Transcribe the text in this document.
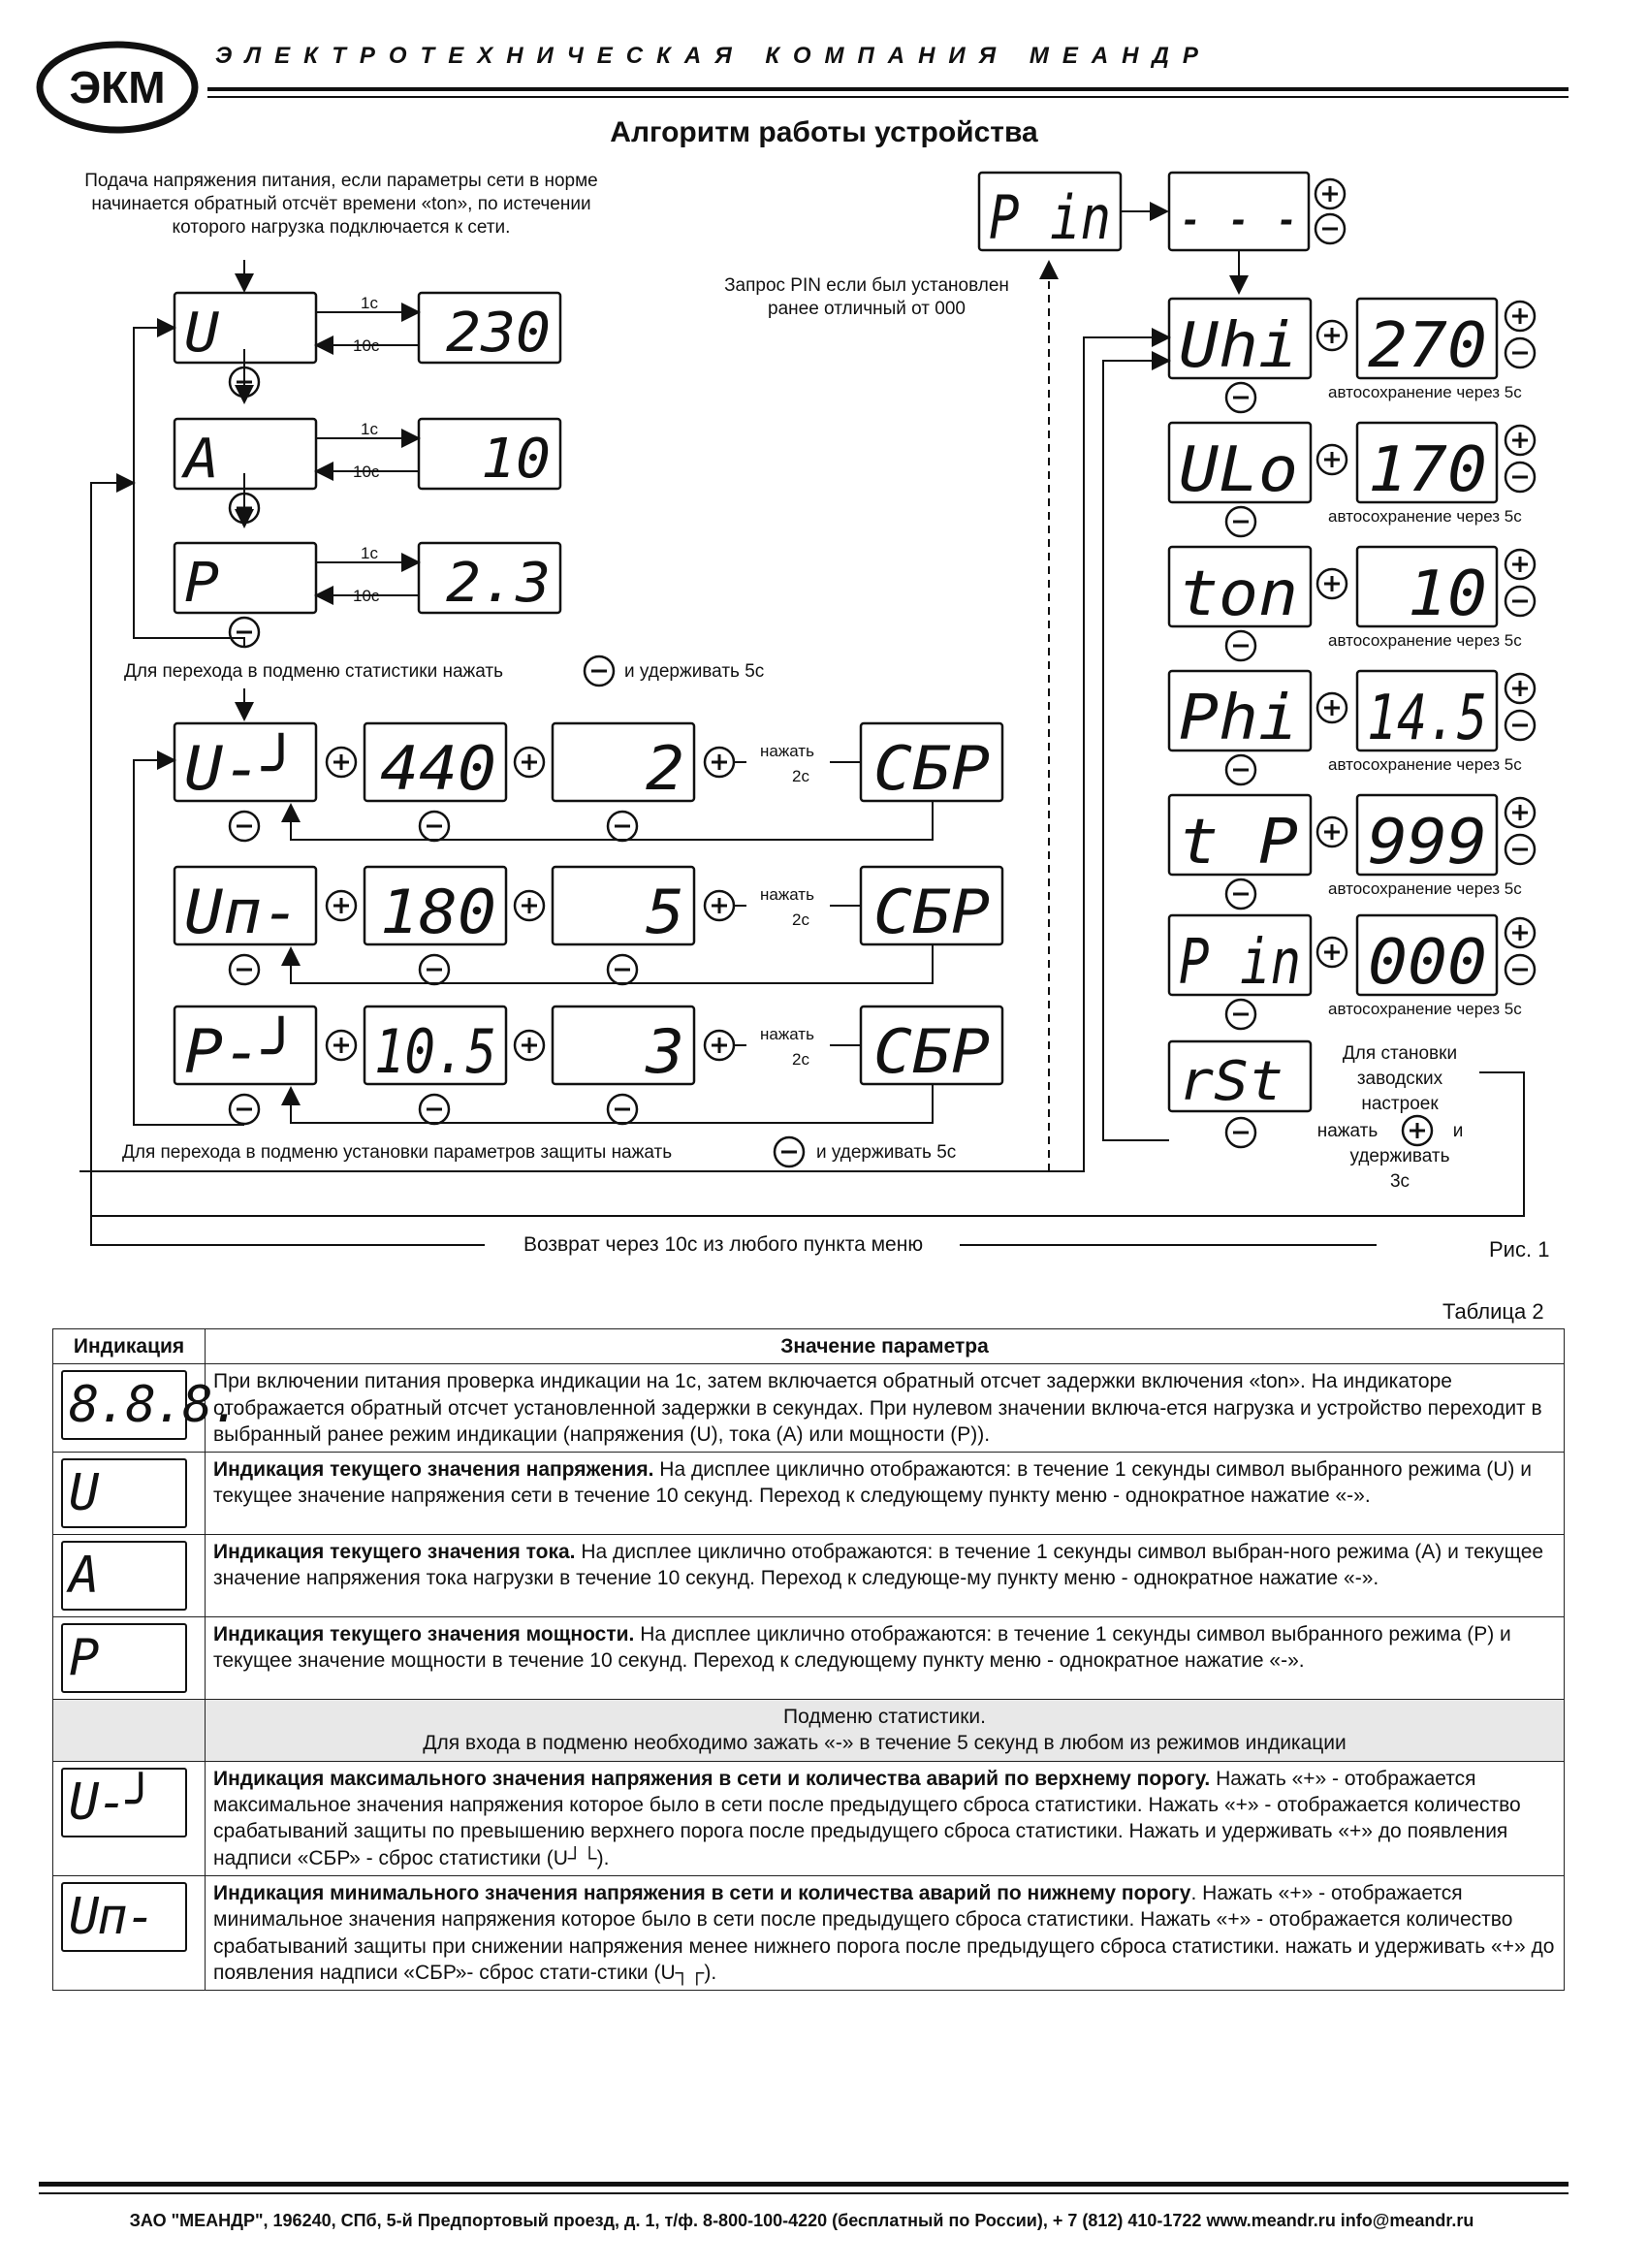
ЭКМ
ЭЛЕКТРОТЕХНИЧЕСКАЯ КОМПАНИЯ МЕАНДР
Алгоритм работы устройства
Подача напряжения питания, если параметры сети в норме
начинается обратный отсчёт времени «ton», по истечении
которого нагрузка подключается к сети.
U	230
1с
10с
A	10
1с
10с
P	2.3
1с
10с
Для перехода в подменю статистики нажать	и удерживать 5с
U-╯ 440 2	нажать
2с СБР
Uп- 180 5	нажать
2с СБР
P-╯ 10.5 3	нажать
2с СБР
Для перехода в подменю установки параметров защиты нажать	и удерживать 5с
P in - - -
Запрос PIN если был установлен
ранее отличный от 000
Uhi 270
автосохранение через 5с
ULo 170
автосохранение через 5с
ton 10
автосохранение через 5с
Phi 14.5
автосохранение через 5с
t P 999
автосохранение через 5с
P in 000
автосохранение через 5с
rSt	Для становки
заводских
настроек
нажать	и
удерживать
3с
Возврат через 10с из любого пункта меню	Рис. 1
Таблица 2
Индикация	Значение параметра

8.8.8.	При включении питания проверка индикации на 1с, затем включается обратный отсчет задержки включения «ton». На индикаторе отображается обратный отсчет установленной задержки в секундах. При нулевом значении включа-ется нагрузка и устройство переходит в выбранный ранее режим индикации (напряжения (U), тока (А) или мощности (Р)).

U	Индикация текущего значения напряжения. На дисплее циклично отображаются: в течение 1 секунды символ выбранного режима (U) и текущее значение напряжения сети в течение 10 секунд. Переход к следующему пункту меню - однократное нажатие «-».

A	Индикация текущего значения тока. На дисплее циклично отображаются: в течение 1 секунды символ выбран-ного режима (А) и текущее значение напряжения тока нагрузки в течение 10 секунд. Переход к следующе-му пункту меню - однократное нажатие «-».

P	Индикация текущего значения мощности. На дисплее циклично отображаются: в течение 1 секунды символ выбранного режима (Р) и текущее значение мощности в течение 10 секунд. Переход к следующему пункту меню - однократное нажатие «-».

	Подменю статистики.
Для входа в подменю необходимо зажать «-» в течение 5 секунд в любом из режимов индикации

U-╯	Индикация максимального значения напряжения в сети и количества аварий по верхнему порогу. Нажать «+» - отображается максимальное значения напряжения которое было в сети после предыдущего сброса статистики. Нажать «+» - отображается количество срабатываний защиты по превышению верхнего порога после предыдущего сброса статистики. Нажать и удерживать «+» до появления надписи «СБР» - сброс статистики (U┘└).

Uп-	Индикация минимального значения напряжения в сети и количества аварий по нижнему порогу. Нажать «+» - отображается минимальное значения напряжения которое было в сети после предыдущего сброса статистики. Нажать «+» - отображается количество срабатываний защиты при снижении напряжения менее нижнего порога после предыдущего сброса статистики. нажать и удерживать «+» до появления надписи «СБР»- сброс стати-стики (U┐┌).
ЗАО "МЕАНДР", 196240, СПб, 5-й Предпортовый проезд, д. 1, т/ф. 8-800-100-4220 (бесплатный по России), + 7 (812) 410-1722 www.meandr.ru info@meandr.ru
